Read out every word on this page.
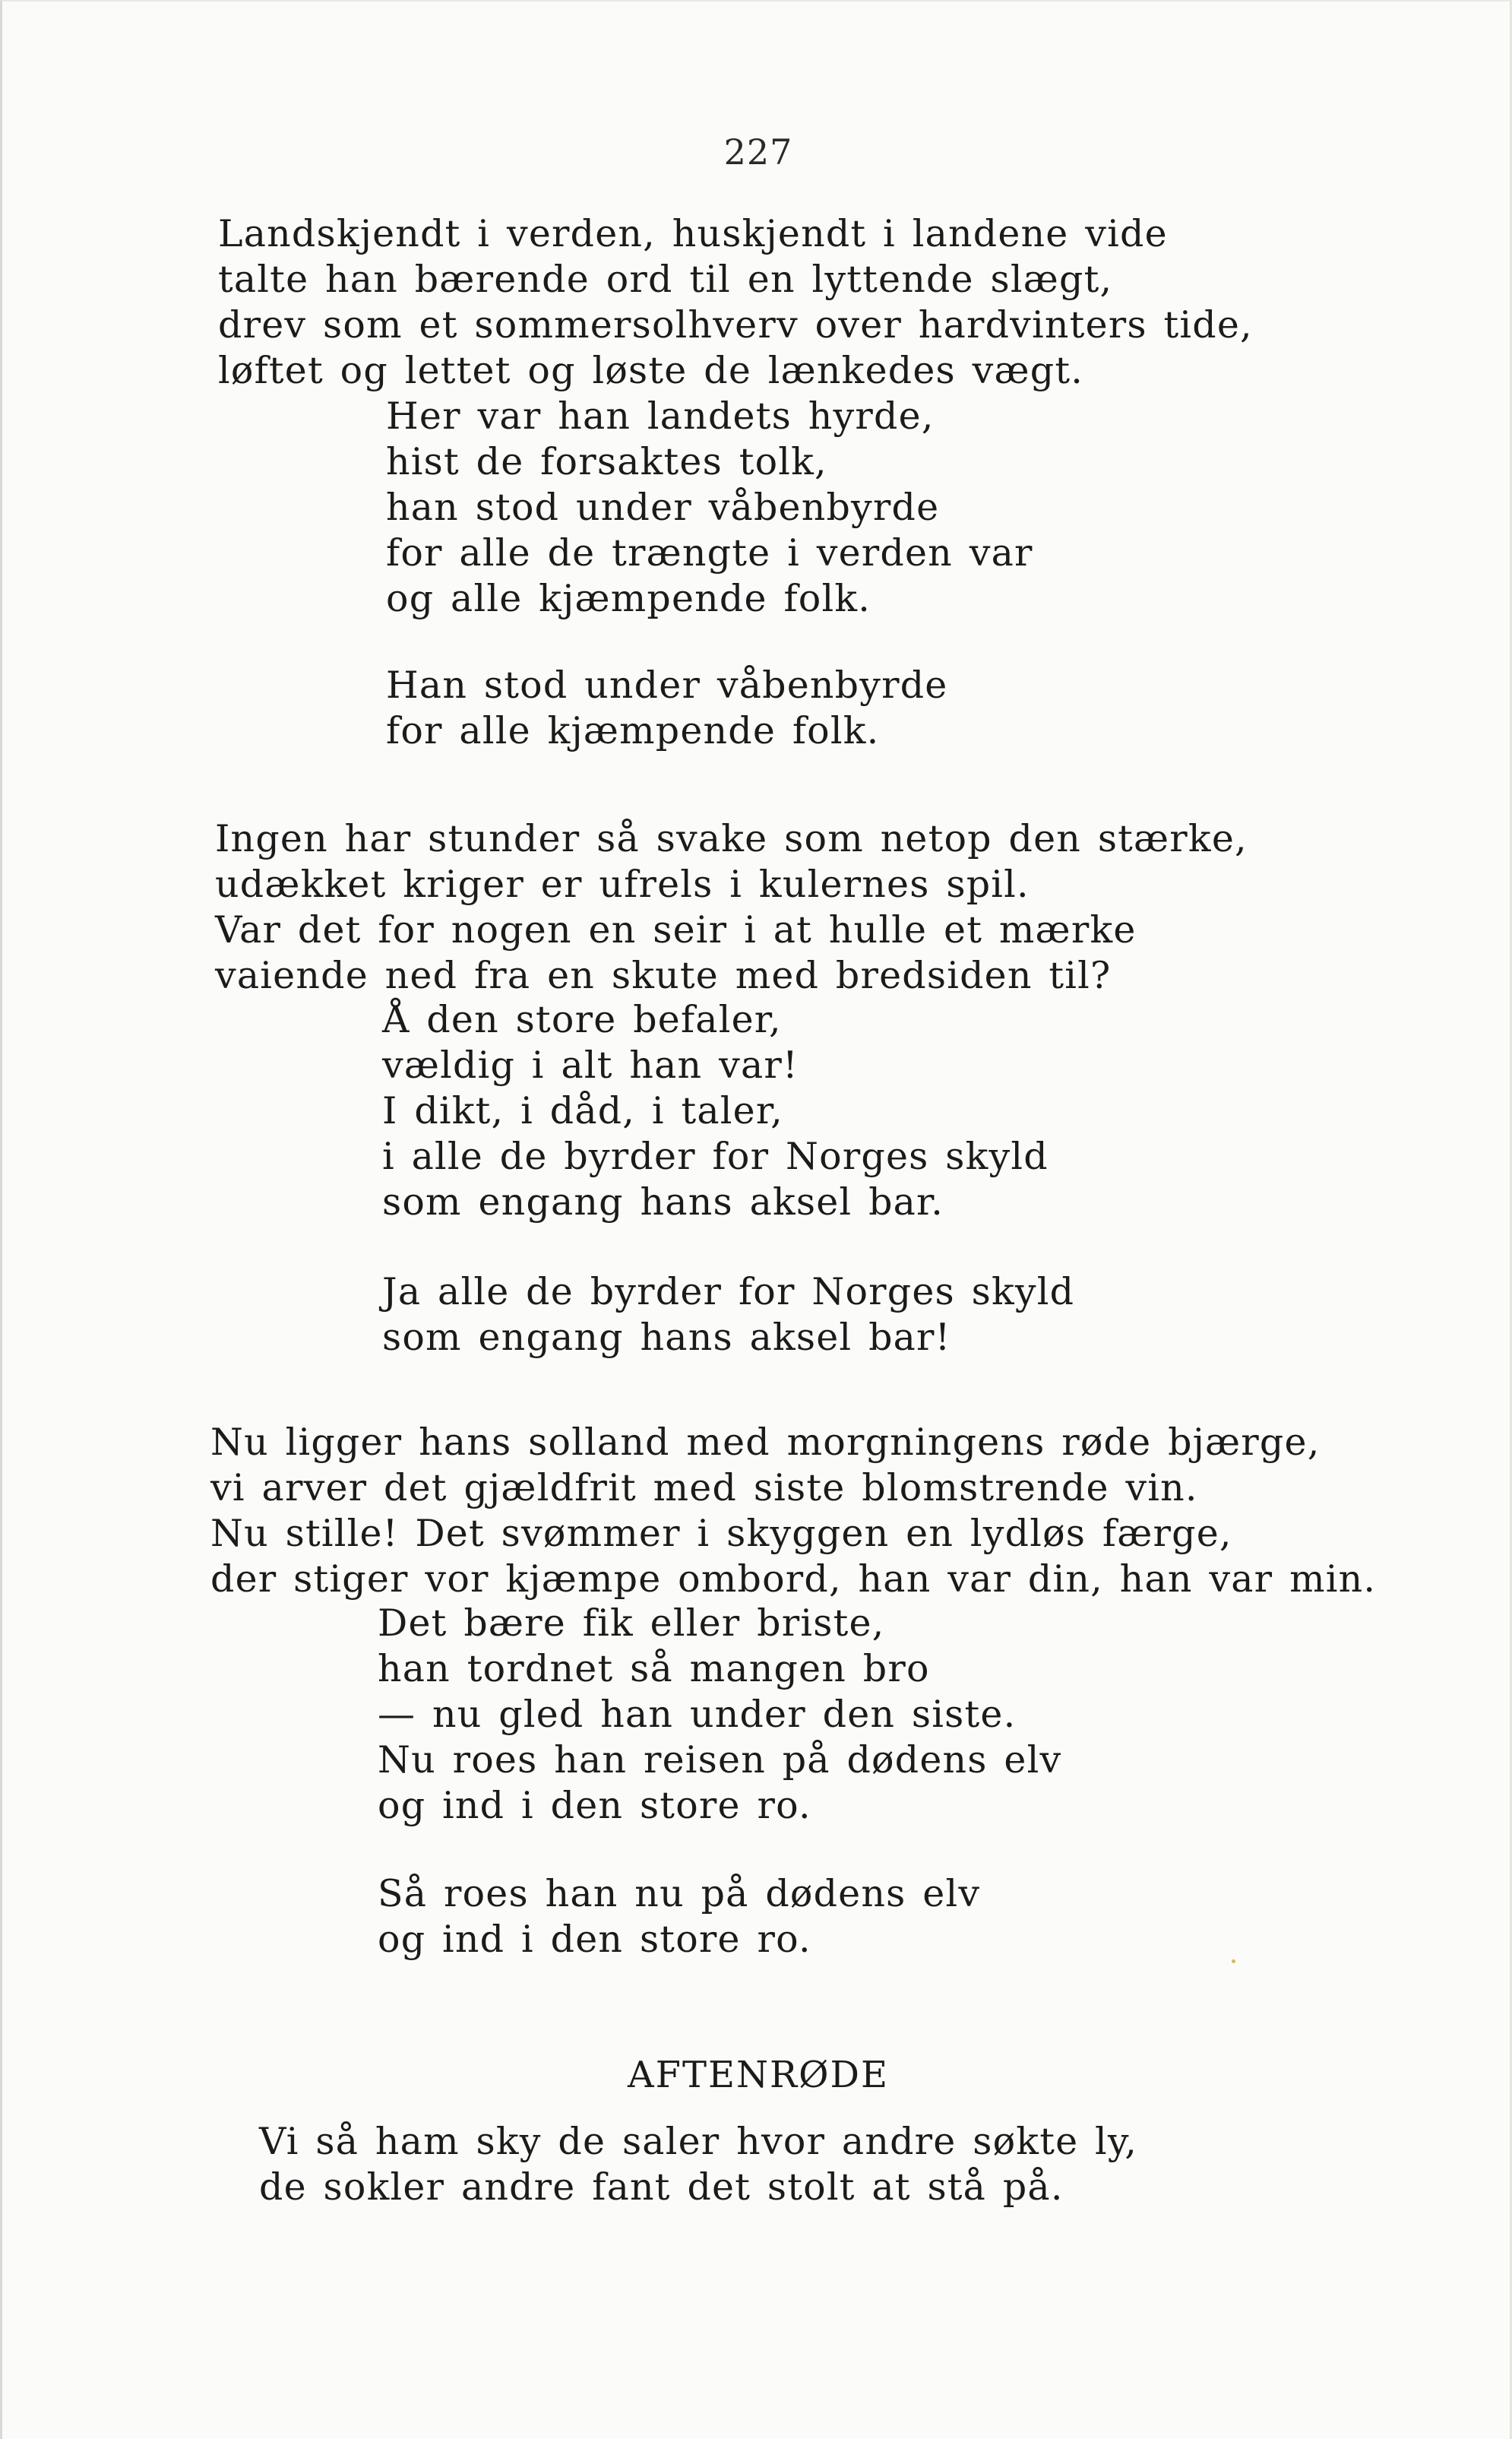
227
Landskjendt i verden, huskjendt i landene vide
talte han bærende ord til en lyttende slægt,
drev som et sommersolhverv over hardvinters tide,
løftet og lettet og løste de lænkedes vægt.
Her var han landets hyrde,
hist de forsaktes tolk,
han stod under våbenbyrde
for alle de trængte i verden var
og alle kjæmpende folk.
Han stod under våbenbyrde
for alle kjæmpende folk.
Ingen har stunder så svake som netop den stærke,
udækket kriger er ufrels i kulernes spil.
Var det for nogen en seir i at hulle et mærke
vaiende ned fra en skute med bredsiden til?
Å den store befaler,
vældig i alt han var!
I dikt, i dåd, i taler,
i alle de byrder for Norges skyld
som engang hans aksel bar.
Ja alle de byrder for Norges skyld
som engang hans aksel bar!
Nu ligger hans solland med morgningens røde bjærge,
vi arver det gjældfrit med siste blomstrende vin.
Nu stille! Det svømmer i skyggen en lydløs færge,
der stiger vor kjæmpe ombord, han var din, han var min.
Det bære fik eller briste,
han tordnet så mangen bro
— nu gled han under den siste.
Nu roes han reisen på dødens elv
og ind i den store ro.
Så roes han nu på dødens elv
og ind i den store ro.
AFTENRØDE
Vi så ham sky de saler hvor andre søkte ly,
de sokler andre fant det stolt at stå på.
